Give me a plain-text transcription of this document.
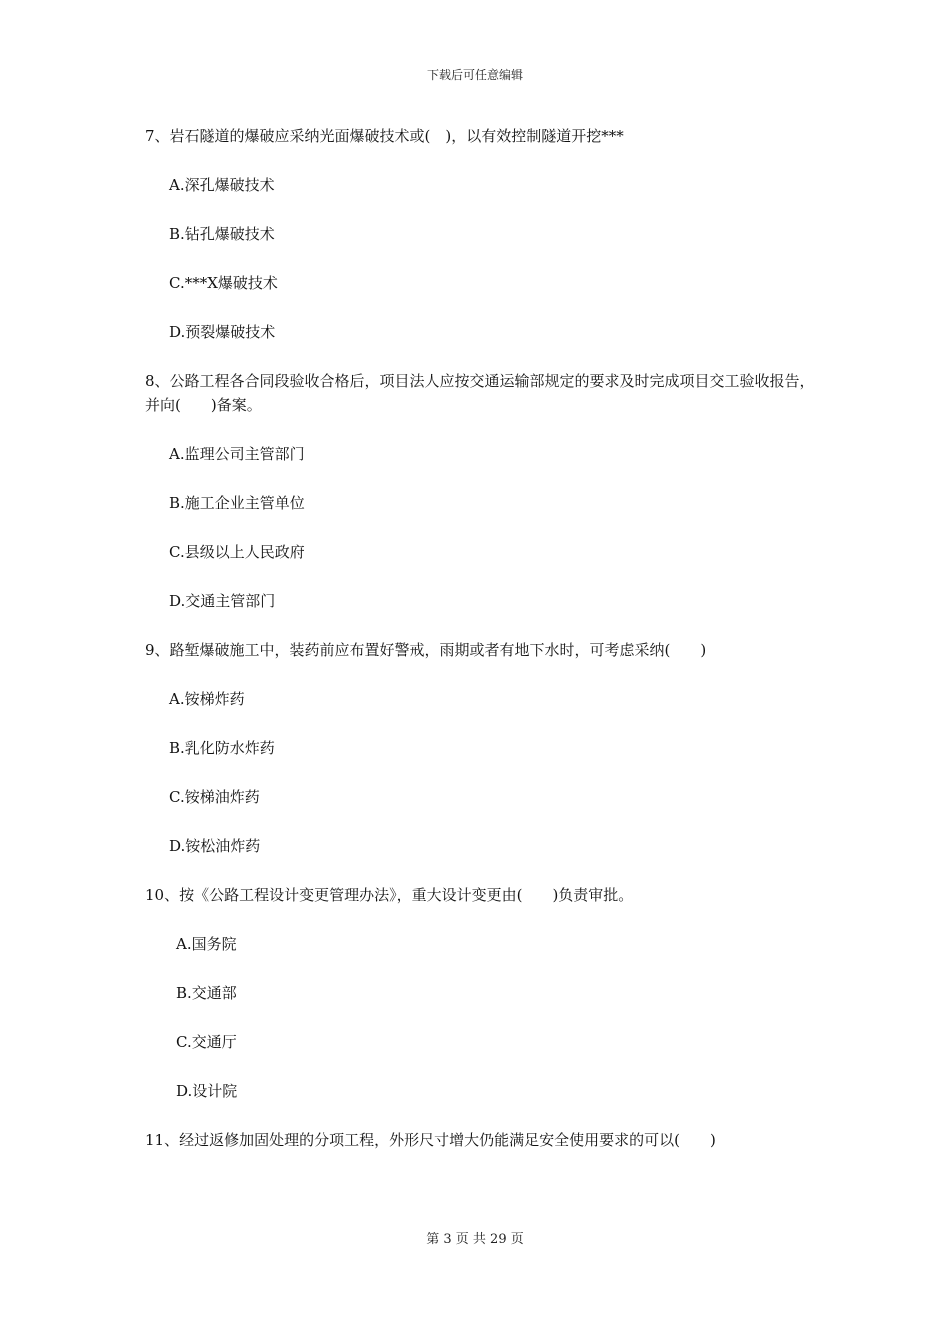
下载后可任意编辑
7、岩石隧道的爆破应采纳光面爆破技术或(　)，以有效控制隧道开挖***
A.深孔爆破技术
B.钻孔爆破技术
C.***X爆破技术
D.预裂爆破技术
8、公路工程各合同段验收合格后，项目法人应按交通运输部规定的要求及时完成项目交工验收报告，并向(　　)备案。
A.监理公司主管部门
B.施工企业主管单位
C.县级以上人民政府
D.交通主管部门
9、路堑爆破施工中，装药前应布置好警戒，雨期或者有地下水时，可考虑采纳(　　)
A.铵梯炸药
B.乳化防水炸药
C.铵梯油炸药
D.铵松油炸药
10、按《公路工程设计变更管理办法》，重大设计变更由(　　)负责审批。
A.国务院
B.交通部
C.交通厅
D.设计院
11、经过返修加固处理的分项工程，外形尺寸增大仍能满足安全使用要求的可以(　　)
第 3 页 共 29 页
